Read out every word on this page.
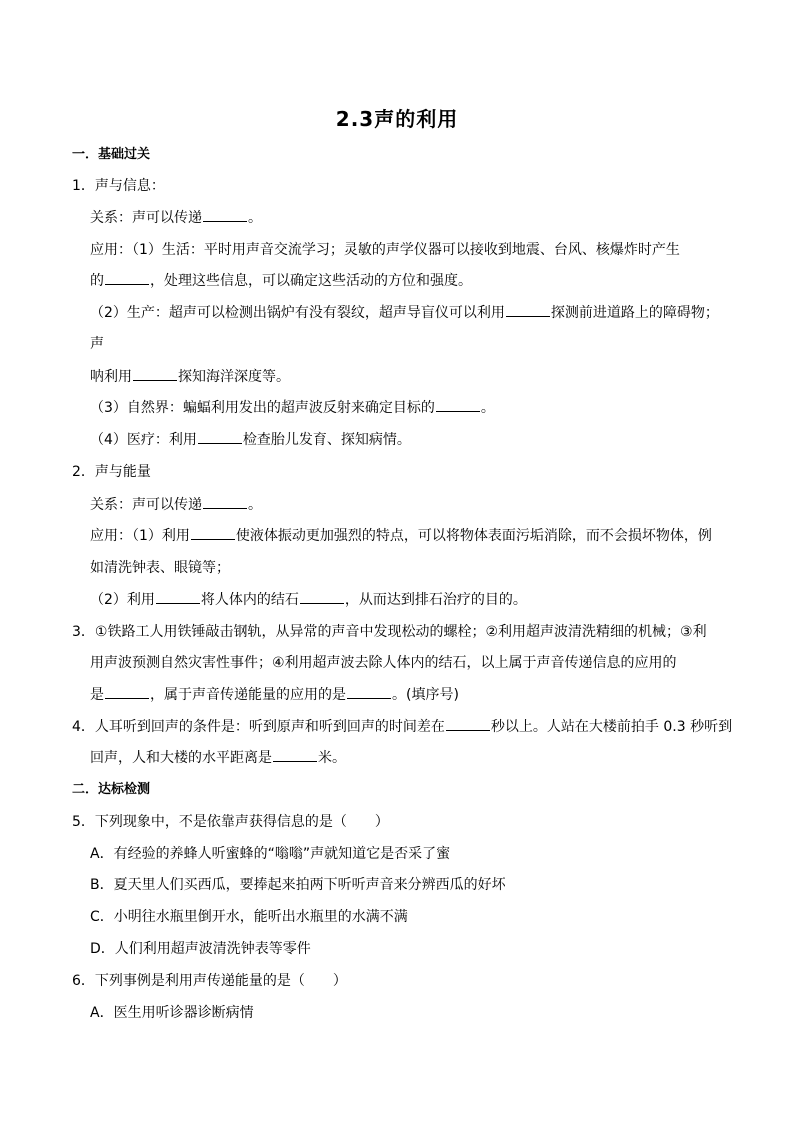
2.3声的利用
一．基础过关
1．声与信息：
关系：声可以传递	。
应用：（1）生活：平时用声音交流学习；灵敏的声学仪器可以接收到地震、台风、核爆炸时产生
的	，处理这些信息，可以确定这些活动的方位和强度。
（2）生产：超声可以检测出锅炉有没有裂纹，超声导盲仪可以利用	探测前进道路上的障碍物；
声
呐利用	探知海洋深度等。
（3）自然界：蝙蝠利用发出的超声波反射来确定目标的	。
（4）医疗：利用	检查胎儿发育、探知病情。
2．声与能量
关系：声可以传递	。
应用：（1）利用	使液体振动更加强烈的特点，可以将物体表面污垢消除，而不会损坏物体，例
如清洗钟表、眼镜等；
（2）利用	将人体内的结石	，从而达到排石治疗的目的。
3．①铁路工人用铁锤敲击钢轨，从异常的声音中发现松动的螺栓；②利用超声波清洗精细的机械；③利
用声波预测自然灾害性事件；④利用超声波去除人体内的结石，以上属于声音传递信息的应用的
是	，属于声音传递能量的应用的是	。(填序号)
4．人耳听到回声的条件是：听到原声和听到回声的时间差在	秒以上。人站在大楼前拍手 0.3 秒听到
回声，人和大楼的水平距离是	米。
二．达标检测
5．下列现象中，不是依靠声获得信息的是（　　）
A．有经验的养蜂人听蜜蜂的“嗡嗡”声就知道它是否采了蜜
B．夏天里人们买西瓜，要捧起来拍两下听听声音来分辨西瓜的好坏
C．小明往水瓶里倒开水，能听出水瓶里的水满不满
D．人们利用超声波清洗钟表等零件
6．下列事例是利用声传递能量的是（　　）
A．医生用听诊器诊断病情
